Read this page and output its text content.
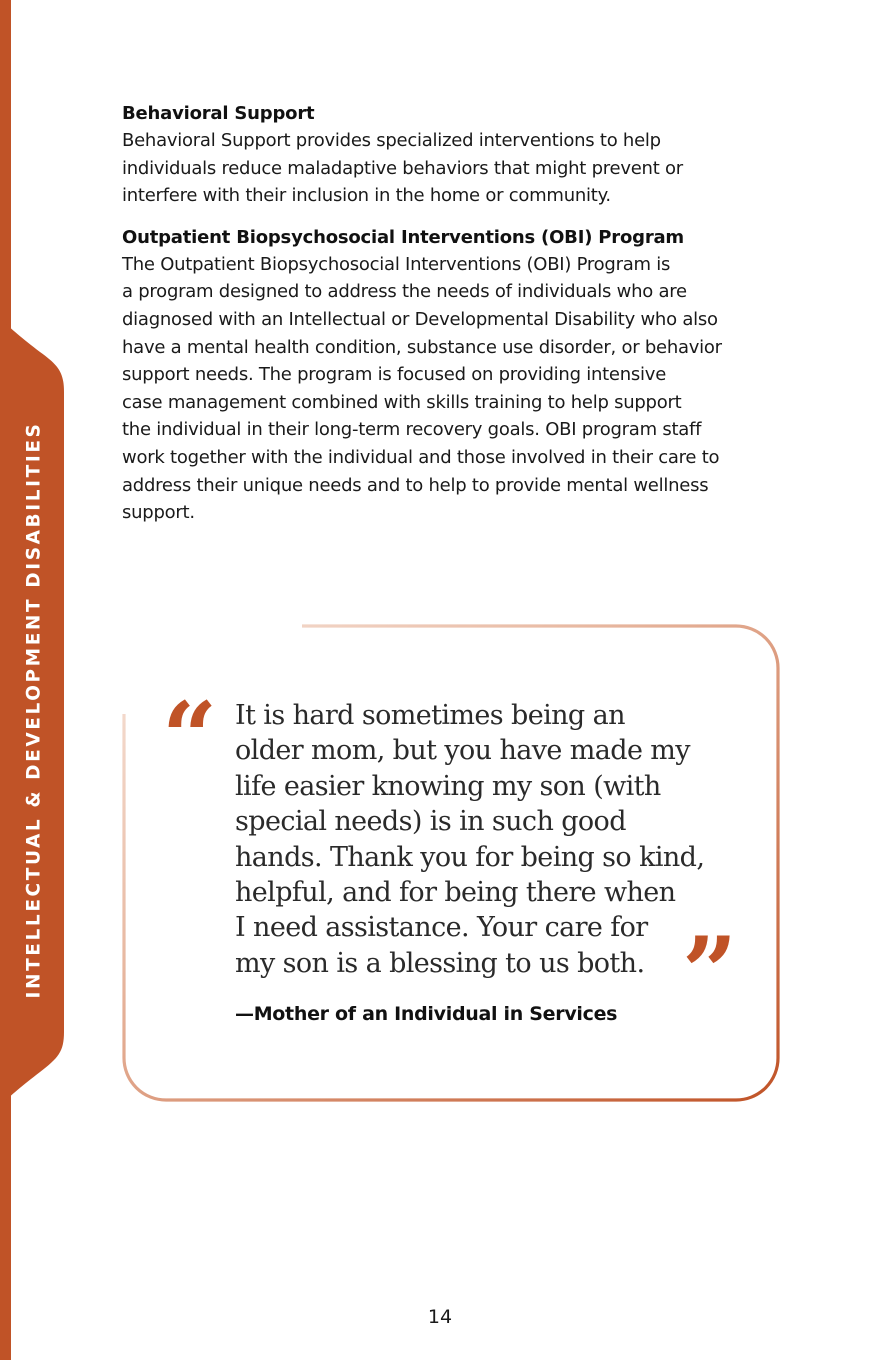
INTELLECTUAL & DEVELOPMENT DISABILITIES
Behavioral Support
Behavioral Support provides specialized interventions to help
individuals reduce maladaptive behaviors that might prevent or
interfere with their inclusion in the home or community.
Outpatient Biopsychosocial Interventions (OBI) Program
The Outpatient Biopsychosocial Interventions (OBI) Program is
a program designed to address the needs of individuals who are
diagnosed with an Intellectual or Developmental Disability who also
have a mental health condition, substance use disorder, or behavior
support needs. The program is focused on providing intensive
case management combined with skills training to help support
the individual in their long-term recovery goals. OBI program staff
work together with the individual and those involved in their care to
address their unique needs and to help to provide mental wellness
support.
“ It is hard sometimes being an
older mom, but you have made my
life easier knowing my son (with
special needs) is in such good
hands. Thank you for being so kind,
helpful, and for being there when
I need assistance. Your care for
my son is a blessing to us both. ”
—Mother of an Individual in Services
14
